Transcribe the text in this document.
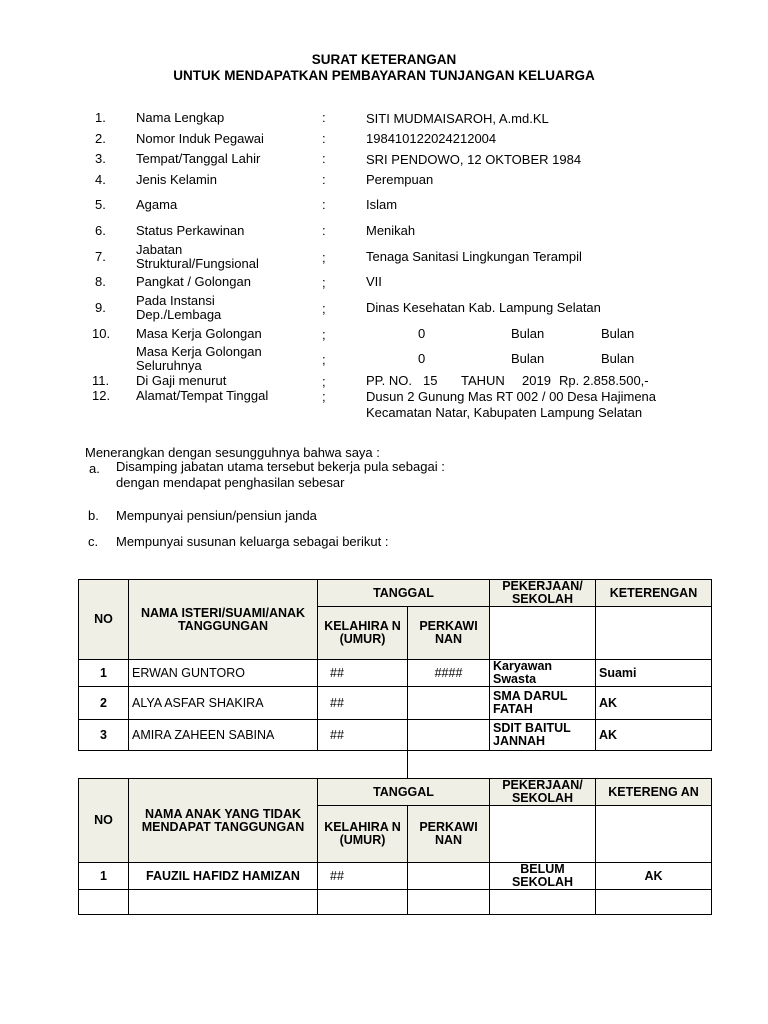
SURAT KETERANGAN
UNTUK MENDAPATKAN PEMBAYARAN TUNJANGAN KELUARGA
1. Nama Lengkap	:	SITI MUDMAISAROH, A.md.KL
2. Nomor Induk Pegawai	:	198410122024212004
3. Tempat/Tanggal Lahir	:	SRI PENDOWO, 12 OKTOBER 1984
4. Jenis Kelamin	:	Perempuan
5. Agama	:	Islam
6. Status Perkawinan	:	Menikah
7. Jabatan
Struktural/Fungsional	;	Tenaga Sanitasi Lingkungan Terampil
8. Pangkat / Golongan	;	VII
9. Pada Instansi
Dep./Lembaga	;	Dinas Kesehatan Kab. Lampung Selatan
10. Masa Kerja Golongan	;	0	Bulan	Bulan
Masa Kerja Golongan
Seluruhnya	;	0	Bulan	Bulan
11. Di Gaji menurut	;	PP. NO. 15 TAHUN 2019 Rp. 2.858.500,-
12. Alamat/Tempat Tinggal	;	Dusun 2 Gunung Mas RT 002 / 00 Desa Hajimena
Kecamatan Natar, Kabupaten Lampung Selatan
Menerangkan dengan sesungguhnya bahwa saya :
a. Disamping jabatan utama tersebut bekerja pula sebagai :
dengan mendapat penghasilan sebesar
b. Mempunyai pensiun/pensiun janda
c. Mempunyai susunan keluarga sebagai berikut :
NO	NAMA ISTERI/SUAMI/ANAK TANGGUNGAN	TANGGAL		PEKERJAAN/ SEKOLAH	KETERENGAN
		KELAHIRA N (UMUR)	PERKAWI NAN		
1	ERWAN GUNTORO	##	####	Karyawan Swasta	Suami
2	ALYA ASFAR SHAKIRA	##		SMA DARUL FATAH	AK
3	AMIRA ZAHEEN SABINA	##		SDIT BAITUL JANNAH	AK
NO	NAMA ANAK YANG TIDAK MENDAPAT TANGGUNGAN	TANGGAL		PEKERJAAN/ SEKOLAH	KETERENG AN
		KELAHIRA N (UMUR)	PERKAWI NAN		
1	FAUZIL HAFIDZ HAMIZAN	##		BELUM SEKOLAH	AK
